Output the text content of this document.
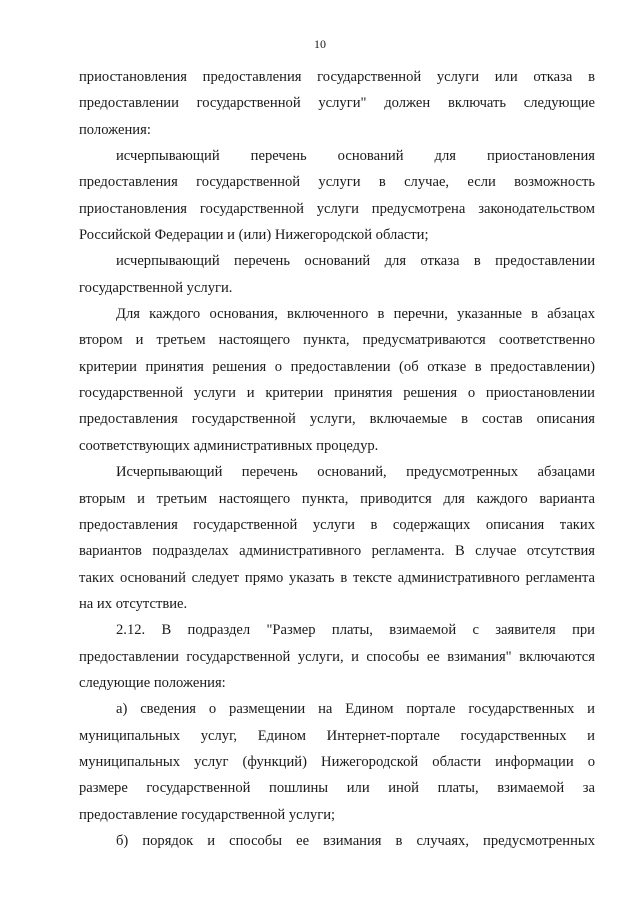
10
приостановления предоставления государственной услуги или отказа в
предоставлении государственной услуги" должен включать следующие
положения:
исчерпывающий перечень оснований для приостановления
предоставления государственной услуги в случае, если возможность
приостановления государственной услуги предусмотрена законодательством
Российской Федерации и (или) Нижегородской области;
исчерпывающий перечень оснований для отказа в предоставлении
государственной услуги.
Для каждого основания, включенного в перечни, указанные в абзацах
втором и третьем настоящего пункта, предусматриваются соответственно
критерии принятия решения о предоставлении (об отказе в предоставлении)
государственной услуги и критерии принятия решения о приостановлении
предоставления государственной услуги, включаемые в состав описания
соответствующих административных процедур.
Исчерпывающий перечень оснований, предусмотренных абзацами
вторым и третьим настоящего пункта, приводится для каждого варианта
предоставления государственной услуги в содержащих описания таких
вариантов подразделах административного регламента. В случае отсутствия
таких оснований следует прямо указать в тексте административного регламента
на их отсутствие.
2.12. В подраздел "Размер платы, взимаемой с заявителя при
предоставлении государственной услуги, и способы ее взимания" включаются
следующие положения:
а) сведения о размещении на Едином портале государственных и
муниципальных услуг, Едином Интернет-портале государственных и
муниципальных услуг (функций) Нижегородской области информации о
размере государственной пошлины или иной платы, взимаемой за
предоставление государственной услуги;
б) порядок и способы ее взимания в случаях, предусмотренных
